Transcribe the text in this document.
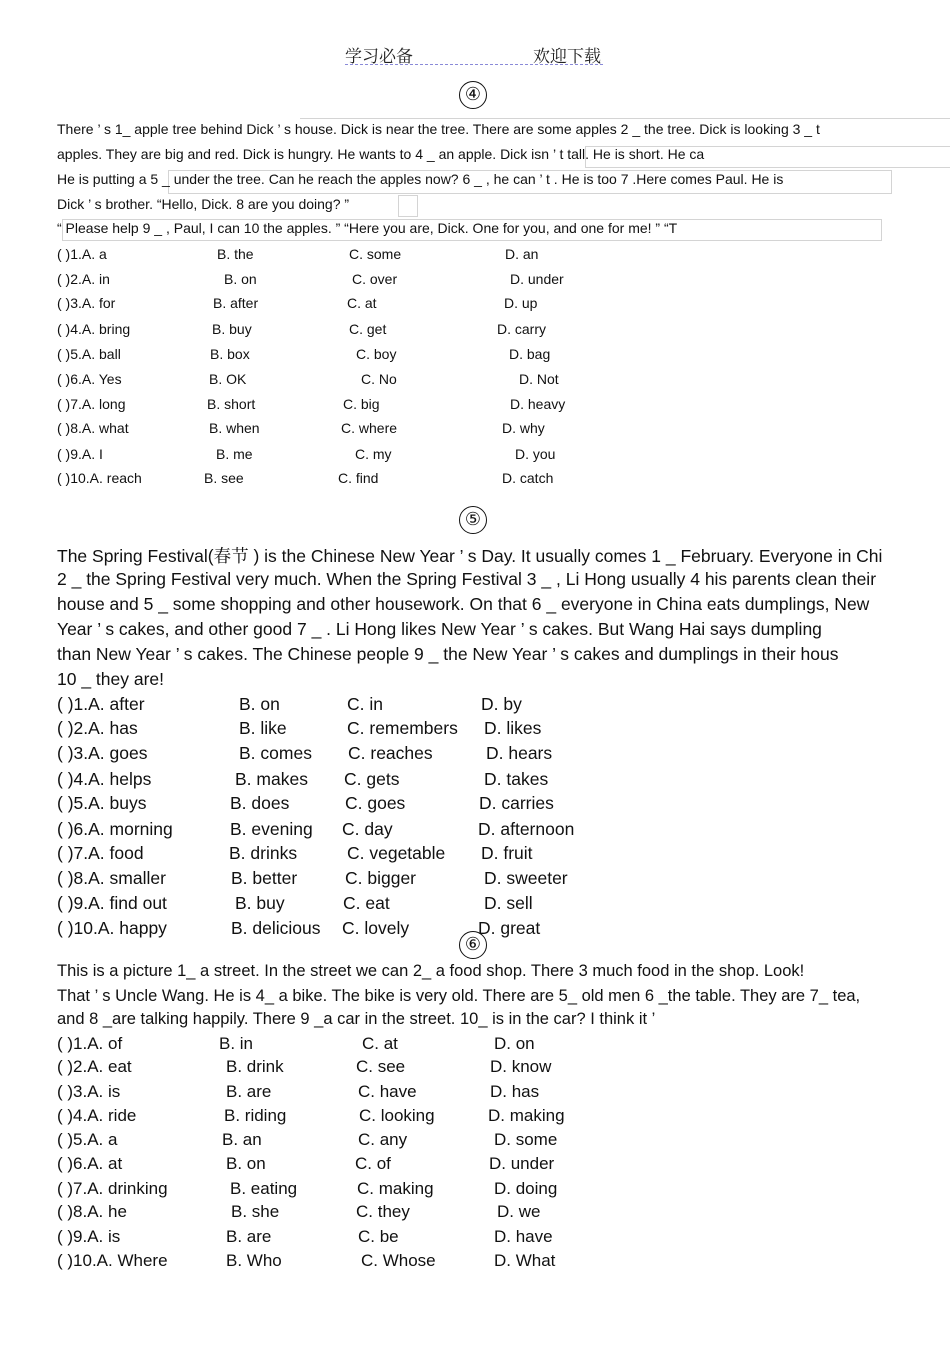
学习必备	欢迎下载
④
There ’ s 1_ apple tree behind Dick ’ s house. Dick is near the tree. There are some apples 2 _ the tree. Dick is looking 3 _ t
apples. They are big and red. Dick is hungry. He wants to 4 _ an apple. Dick isn ’ t tall. He is short. He ca
He is putting a 5 _ under the tree. Can he reach the apples now? 6 _ , he can ’ t . He is too 7 .Here comes Paul. He is
Dick ’ s brother. “Hello, Dick. 8 are you doing? ”
“ Please help 9 _ , Paul, I can 10 the apples. ” “Here you are, Dick. One for you, and one for me! ” “T
( )1.A. a	B. the	C. some	D. an
( )2.A. in	B. on	C. over	D. under
( )3.A. for	B. after	C. at	D. up
( )4.A. bring	B. buy	C. get	D. carry
( )5.A. ball	B. box	C. boy	D. bag
( )6.A. Yes	B. OK	C. No	D. Not
( )7.A. long	B. short	C. big	D. heavy
( )8.A. what	B. when	C. where	D. why
( )9.A. I	B. me	C. my	D. you
( )10.A. reach	B. see	C. find	D. catch
⑤
The Spring Festival(春节 ) is the Chinese New Year ’ s Day. It usually comes 1 _ February. Everyone in Chi
2 _ the Spring Festival very much. When the Spring Festival 3 _ , Li Hong usually 4 his parents clean their
house and 5 _ some shopping and other housework. On that 6 _ everyone in China eats dumplings, New
Year ’ s cakes, and other good 7 _ . Li Hong likes New Year ’ s cakes. But Wang Hai says dumpling
than New Year ’ s cakes. The Chinese people 9 _ the New Year ’ s cakes and dumplings in their hous
10 _ they are!
( )1.A. after	B. on	C. in	D. by
( )2.A. has	B. like	C. remembers D. likes
( )3.A. goes	B. comes C. reaches	D. hears
( )4.A. helps	B. makes C. gets	D. takes
( )5.A. buys	B. does	C. goes	D. carries
( )6.A. morning	B. evening C. day	D. afternoon
( )7.A. food	B. drinks	C. vegetable D. fruit
( )8.A. smaller	B. better	C. bigger	D. sweeter
( )9.A. find out	B. buy	C. eat	D. sell
( )10.A. happy	B. delicious C. lovely	D. great
⑥
This is a picture 1_ a street. In the street we can 2_ a food shop. There 3 much food in the shop. Look!
That ’ s Uncle Wang. He is 4_ a bike. The bike is very old. There are 5_ old men 6 _the table. They are 7_ tea,
and 8 _are talking happily. There 9 _a car in the street. 10_ is in the car? I think it ’
( )1.A. of	B. in	C. at	D. on
( )2.A. eat	B. drink	C. see	D. know
( )3.A. is	B. are	C. have	D. has
( )4.A. ride	B. riding	C. looking	D. making
( )5.A. a	B. an	C. any	D. some
( )6.A. at	B. on	C. of	D. under
( )7.A. drinking	B. eating	C. making	D. doing
( )8.A. he	B. she	C. they	D. we
( )9.A. is	B. are	C. be	D. have
( )10.A. Where	B. Who	C. Whose	D. What
